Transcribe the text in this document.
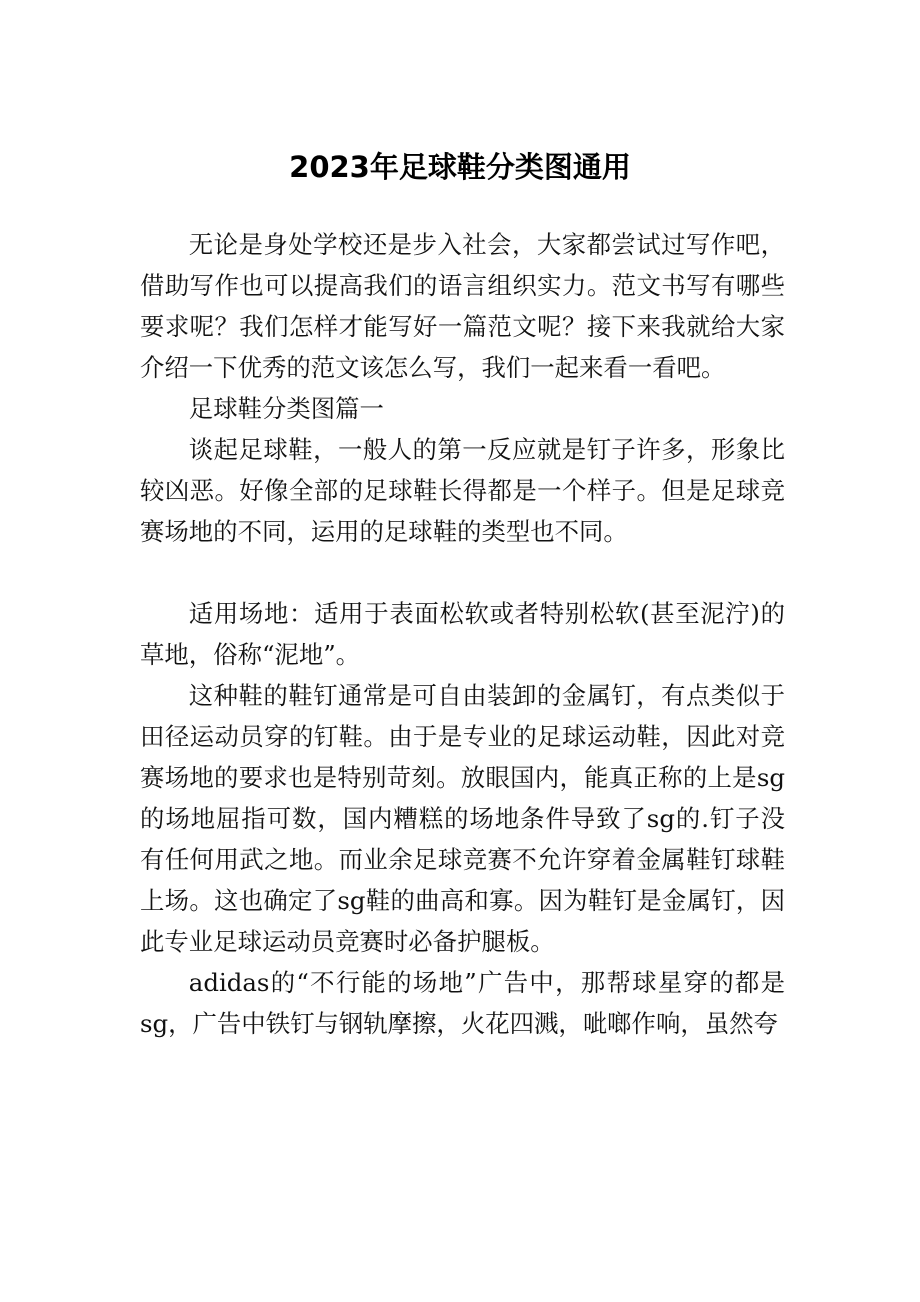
2023年足球鞋分类图通用

无论是身处学校还是步入社会，大家都尝试过写作吧，借助写作也可以提高我们的语言组织实力。范文书写有哪些要求呢？我们怎样才能写好一篇范文呢？接下来我就给大家介绍一下优秀的范文该怎么写，我们一起来看一看吧。

足球鞋分类图篇一

谈起足球鞋，一般人的第一反应就是钉子许多，形象比较凶恶。好像全部的足球鞋长得都是一个样子。但是足球竞赛场地的不同，运用的足球鞋的类型也不同。

适用场地：适用于表面松软或者特别松软(甚至泥泞)的草地，俗称“泥地”。

这种鞋的鞋钉通常是可自由装卸的金属钉，有点类似于田径运动员穿的钉鞋。由于是专业的足球运动鞋，因此对竞赛场地的要求也是特别苛刻。放眼国内，能真正称的上是sg的场地屈指可数，国内糟糕的场地条件导致了sg的.钉子没有任何用武之地。而业余足球竞赛不允许穿着金属鞋钉球鞋上场。这也确定了sg鞋的曲高和寡。因为鞋钉是金属钉，因此专业足球运动员竞赛时必备护腿板。

adidas的“不行能的场地”广告中，那帮球星穿的都是sg，广告中铁钉与钢轨摩擦，火花四溅，呲啷作响，虽然夸
